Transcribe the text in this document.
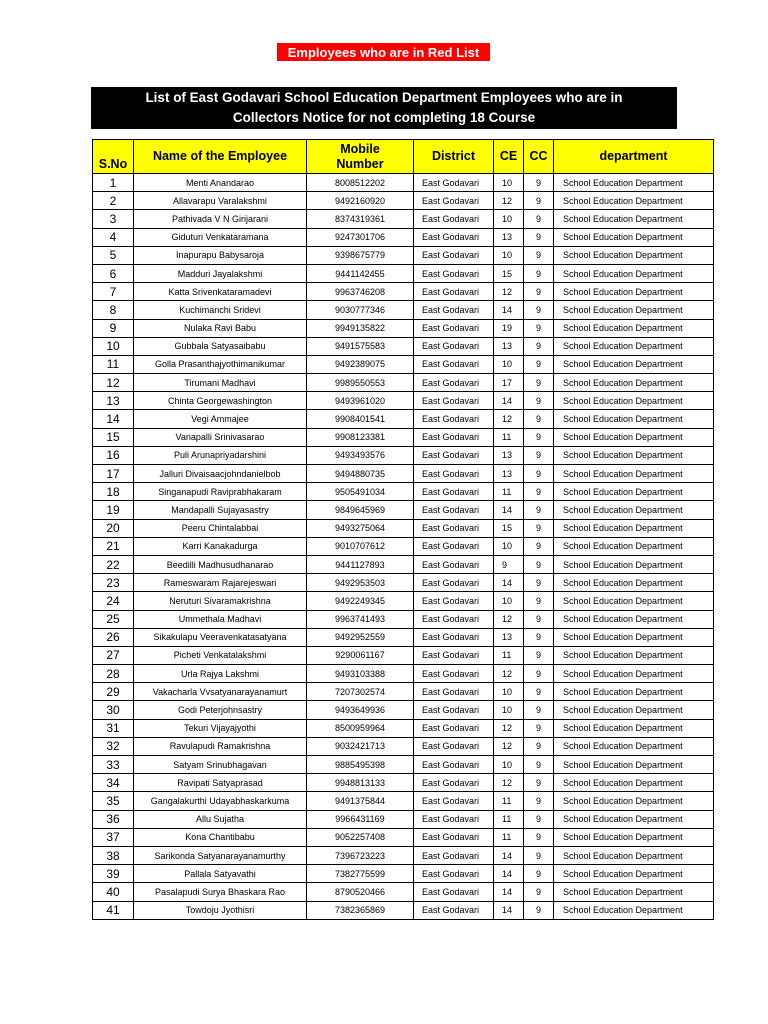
Employees who are in Red List
List of East Godavari School Education Department Employees who are in
Collectors Notice for not completing 18 Course
S.No	Name of the Employee	Mobile
Number	District	CE	CC	department
1	Menti Anandarao	8008512202	East Godavari	10	9	School Education Department
2	Allavarapu Varalakshmi	9492160920	East Godavari	12	9	School Education Department
3	Pathivada V N Girijarani	8374319361	East Godavari	10	9	School Education Department
4	Giduturi Venkataramana	9247301706	East Godavari	13	9	School Education Department
5	Inapurapu Babysaroja	9398675779	East Godavari	10	9	School Education Department
6	Madduri Jayalakshmi	9441142455	East Godavari	15	9	School Education Department
7	Katta Srivenkataramadevi	9963746208	East Godavari	12	9	School Education Department
8	Kuchimanchi Sridevi	9030777346	East Godavari	14	9	School Education Department
9	Nulaka Ravi Babu	9949135822	East Godavari	19	9	School Education Department
10	Gubbala Satyasaibabu	9491575583	East Godavari	13	9	School Education Department
11	Golla Prasanthajyothimanikumar	9492389075	East Godavari	10	9	School Education Department
12	Tirumani Madhavi	9989550553	East Godavari	17	9	School Education Department
13	Chinta Georgewashington	9493961020	East Godavari	14	9	School Education Department
14	Vegi Ammajee	9908401541	East Godavari	12	9	School Education Department
15	Vanapalli Srinivasarao	9908123381	East Godavari	11	9	School Education Department
16	Puli Arunapriyadarshini	9493493576	East Godavari	13	9	School Education Department
17	Jalluri Divaisaacjohndanielbob	9494880735	East Godavari	13	9	School Education Department
18	Singanapudi Raviprabhakaram	9505491034	East Godavari	11	9	School Education Department
19	Mandapalli Sujayasastry	9849645969	East Godavari	14	9	School Education Department
20	Peeru Chintalabbai	9493275064	East Godavari	15	9	School Education Department
21	Karri Kanakadurga	9010707612	East Godavari	10	9	School Education Department
22	Beedilli Madhusudhanarao	9441127893	East Godavari	9	9	School Education Department
23	Rameswaram Rajarejeswari	9492953503	East Godavari	14	9	School Education Department
24	Neruturi Sivaramakrishna	9492249345	East Godavari	10	9	School Education Department
25	Ummethala Madhavi	9963741493	East Godavari	12	9	School Education Department
26	Sikakulapu Veeravenkatasatyana	9492952559	East Godavari	13	9	School Education Department
27	Picheti Venkatalakshmi	9290061167	East Godavari	11	9	School Education Department
28	Urla Rajya Lakshmi	9493103388	East Godavari	12	9	School Education Department
29	Vakacharla Vvsatyanarayanamurt	7207302574	East Godavari	10	9	School Education Department
30	Godi Peterjohnsastry	9493649936	East Godavari	10	9	School Education Department
31	Tekuri Vijayajyothi	8500959964	East Godavari	12	9	School Education Department
32	Ravulapudi Ramakrishna	9032421713	East Godavari	12	9	School Education Department
33	Satyam Srinubhagavan	9885495398	East Godavari	10	9	School Education Department
34	Ravipati Satyaprasad	9948813133	East Godavari	12	9	School Education Department
35	Gangalakurthi Udayabhaskarkuma	9491375844	East Godavari	11	9	School Education Department
36	Allu Sujatha	9966431169	East Godavari	11	9	School Education Department
37	Kona Chantibabu	9052257408	East Godavari	11	9	School Education Department
38	Sarikonda Satyanarayanamurthy	7396723223	East Godavari	14	9	School Education Department
39	Pallala Satyavathi	7382775599	East Godavari	14	9	School Education Department
40	Pasalapudi Surya Bhaskara Rao	8790520466	East Godavari	14	9	School Education Department
41	Towdoju Jyothisri	7382365869	East Godavari	14	9	School Education Department
